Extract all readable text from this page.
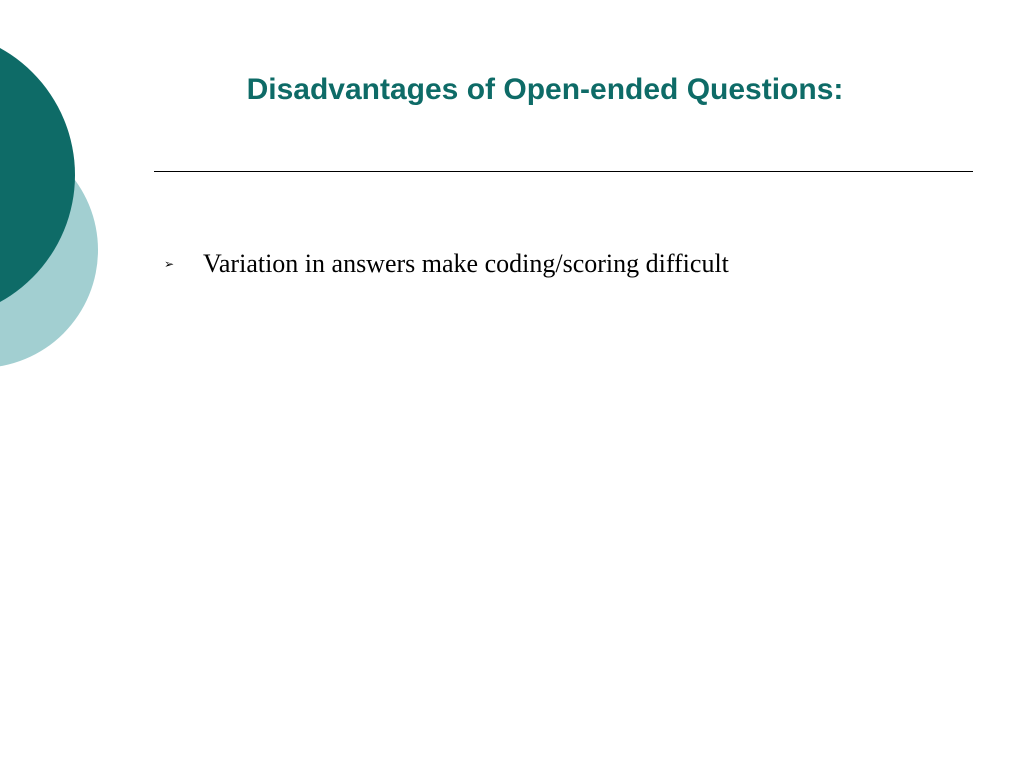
Disadvantages of Open-ended Questions:
➢	Variation in answers make coding/scoring difficult
